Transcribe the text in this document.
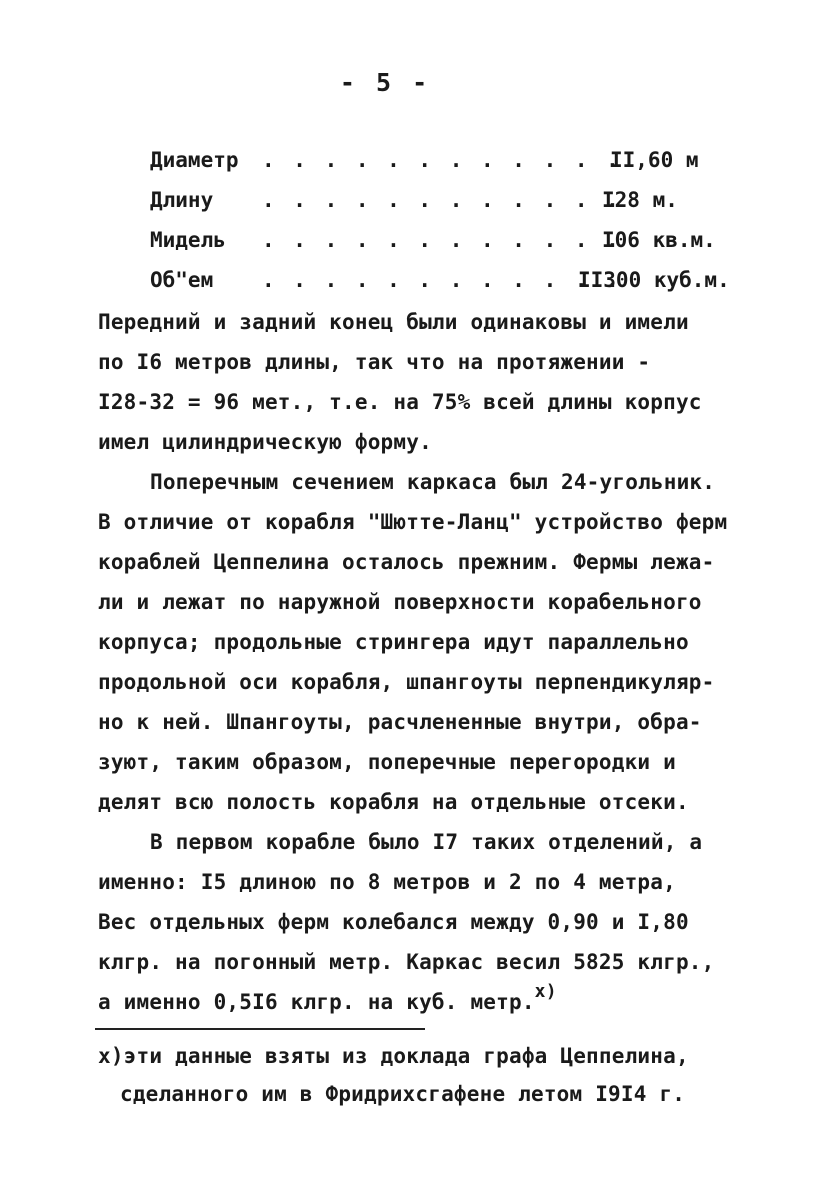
- 5 -
Диаметр . . . . . . . . . . . .
II,60 м
Длину . . . . . . . . . . . .
I28 м.
Мидель . . . . . . . . . . . .
I06 кв.м.
Об"ем . . . . . . . . . . . .
II300 куб.м.
Передний и задний конец были одинаковы и имели
по I6 метров длины, так что на протяжении -
I28-32 = 96 мет., т.е. на 75% всей длины корпус
имел цилиндрическую форму.
Поперечным сечением каркаса был 24-угольник.
В отличие от корабля "Шютте-Ланц" устройство ферм
кораблей Цеппелина осталось прежним. Фермы лежа-
ли и лежат по наружной поверхности корабельного
корпуса; продольные стрингера идут параллельно
продольной оси корабля, шпангоуты перпендикуляр-
но к ней. Шпангоуты, расчлененные внутри, обра-
зуют, таким образом, поперечные перегородки и
делят всю полость корабля на отдельные отсеки.
В первом корабле было I7 таких отделений, а
именно: I5 длиною по 8 метров и 2 по 4 метра,
Вес отдельных ферм колебался между 0,90 и I,80
клгр. на погонный метр. Каркас весил 5825 клгр.,
а именно 0,5I6 клгр. на куб. метр.x)
х)эти данные взяты из доклада графа Цеппелина,
сделанного им в Фридрихсгафене летом I9I4 г.
